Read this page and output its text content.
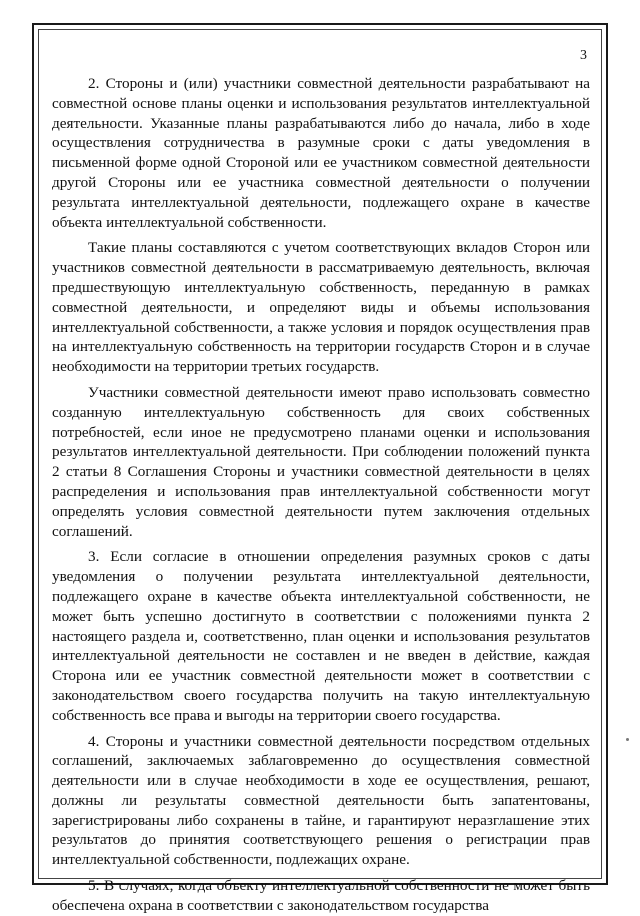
3

2. Стороны и (или) участники совместной деятельности разрабатывают на совместной основе планы оценки и использования результатов интеллектуальной деятельности. Указанные планы разрабатываются либо до начала, либо в ходе осуществления сотрудничества в разумные сроки с даты уведомления в письменной форме одной Стороной или ее участником совместной деятельности другой Стороны или ее участника совместной деятельности о получении результата интеллектуальной деятельности, подлежащего охране в качестве объекта интеллектуальной собственности.

Такие планы составляются с учетом соответствующих вкладов Сторон или участников совместной деятельности в рассматриваемую деятельность, включая предшествующую интеллектуальную собственность, переданную в рамках совместной деятельности, и определяют виды и объемы использования интеллектуальной собственности, а также условия и порядок осуществления прав на интеллектуальную собственность на территории государств Сторон и в случае необходимости на территории третьих государств.

Участники совместной деятельности имеют право использовать совместно созданную интеллектуальную собственность для своих собственных потребностей, если иное не предусмотрено планами оценки и использования результатов интеллектуальной деятельности. При соблюдении положений пункта 2 статьи 8 Соглашения Стороны и участники совместной деятельности в целях распределения и использования прав интеллектуальной собственности могут определять условия совместной деятельности путем заключения отдельных соглашений.

3. Если согласие в отношении определения разумных сроков с даты уведомления о получении результата интеллектуальной деятельности, подлежащего охране в качестве объекта интеллектуальной собственности, не может быть успешно достигнуто в соответствии с положениями пункта 2 настоящего раздела и, соответственно, план оценки и использования результатов интеллектуальной деятельности не составлен и не введен в действие, каждая Сторона или ее участник совместной деятельности может в соответствии с законодательством своего государства получить на такую интеллектуальную собственность все права и выгоды на территории своего государства.

4. Стороны и участники совместной деятельности посредством отдельных соглашений, заключаемых заблаговременно до осуществления совместной деятельности или в случае необходимости в ходе ее осуществления, решают, должны ли результаты совместной деятельности быть запатентованы, зарегистрированы либо сохранены в тайне, и гарантируют неразглашение этих результатов до принятия соответствующего решения о регистрации прав интеллектуальной собственности, подлежащих охране.

5. В случаях, когда объекту интеллектуальной собственности не может быть обеспечена охрана в соответствии с законодательством государства
